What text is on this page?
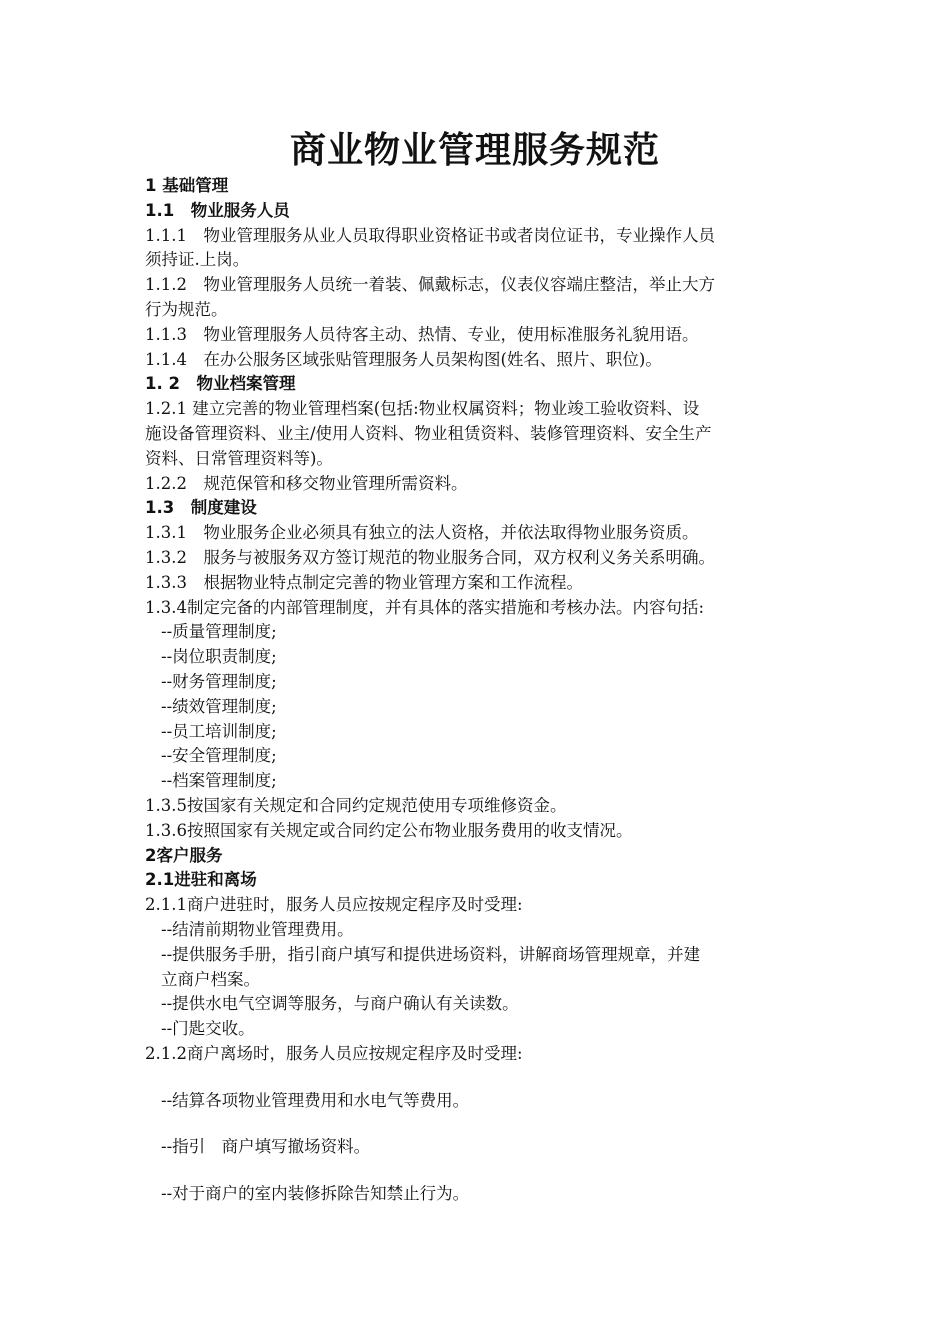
商业物业管理服务规范
1 基础管理
1.1　物业服务人员
1.1.1　物业管理服务从业人员取得职业资格证书或者岗位证书，专业操作人员
须持证.上岗。
1.1.2　物业管理服务人员统一着装、佩戴标志，仪表仪容端庄整洁，举止大方
行为规范。
1.1.3　物业管理服务人员待客主动、热情、专业，使用标准服务礼貌用语。
1.1.4　在办公服务区域张贴管理服务人员架构图(姓名、照片、职位)。
1. 2　物业档案管理
1.2.1 建立完善的物业管理档案(包括:物业权属资料；物业竣工验收资料、设
施设备管理资料、业主/使用人资料、物业租赁资料、装修管理资料、安全生产
资料、日常管理资料等)。
1.2.2　规范保管和移交物业管理所需资料。
1.3　制度建设
1.3.1　物业服务企业必须具有独立的法人资格，并依法取得物业服务资质。
1.3.2　服务与被服务双方签订规范的物业服务合同，双方权利义务关系明确。
1.3.3　根据物业特点制定完善的物业管理方案和工作流程。
1.3.4制定完备的内部管理制度，并有具体的落实措施和考核办法。内容句括:
--质量管理制度;
--岗位职责制度;
--财务管理制度;
--绩效管理制度;
--员工培训制度;
--安全管理制度;
--档案管理制度;
1.3.5按国家有关规定和合同约定规范使用专项维修资金。
1.3.6按照国家有关规定或合同约定公布物业服务费用的收支情况。
2客户服务
2.1进驻和离场
2.1.1商户进驻时，服务人员应按规定程序及时受理:
--结清前期物业管理费用。
--提供服务手册，指引商户填写和提供进场资料，讲解商场管理规章，并建
立商户档案。
--提供水电气空调等服务，与商户确认有关读数。
--门匙交收。
2.1.2商户离场时，服务人员应按规定程序及时受理:
--结算各项物业管理费用和水电气等费用。
--指引　商户填写撤场资料。
--对于商户的室内装修拆除告知禁止行为。
